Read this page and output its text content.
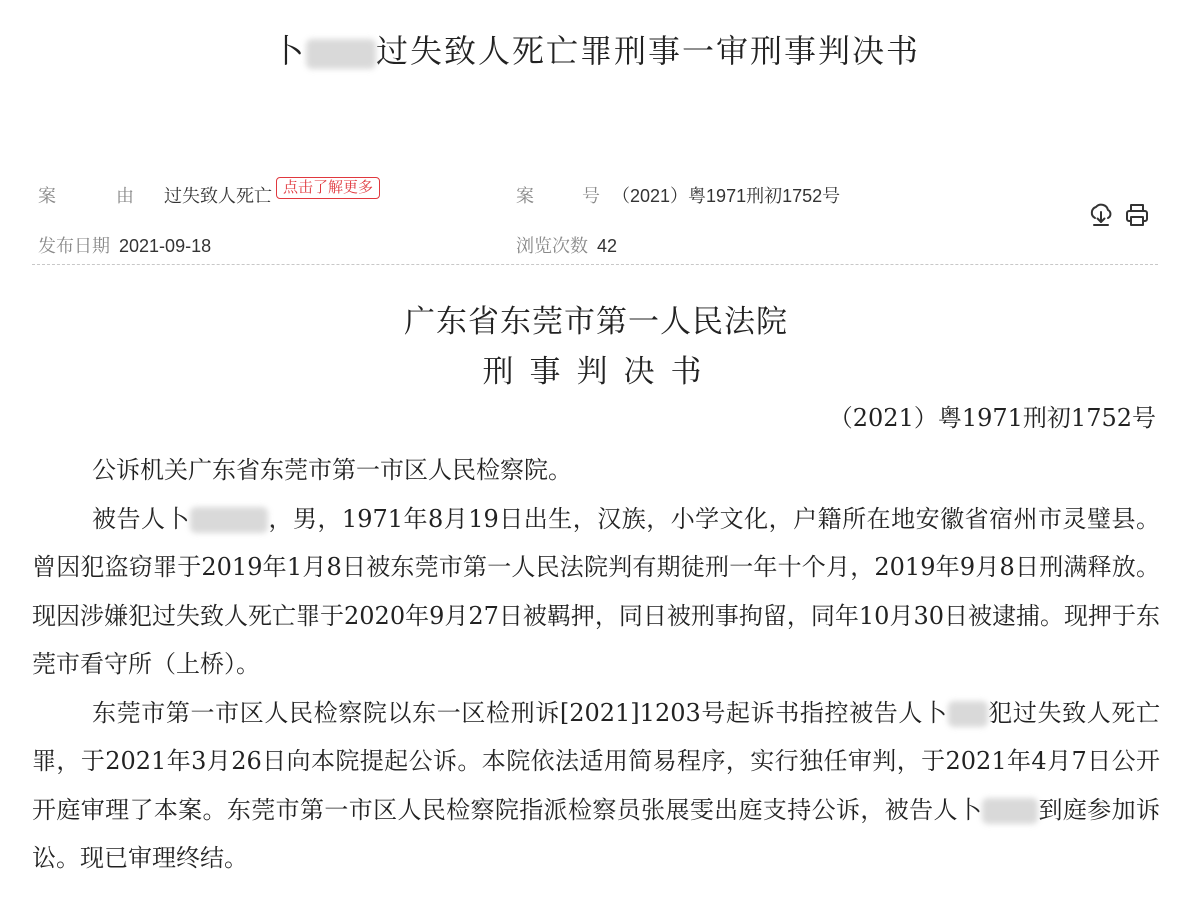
卜 过失致人死亡罪刑事一审刑事判决书
案由过失致人死亡 点击了解更多	案	号 （2021）粤1971刑初1752号
发布日期 2021-09-18	浏览次数 42
广东省东莞市第一人民法院
刑事判决书
（2021）粤1971刑初1752号

公诉机关广东省东莞市第一市区人民检察院。

被告人卜	，男，1971年8月19日出生，汉族，小学文化，户籍所在地安徽省宿州市灵璧县。曾因犯盗窃罪于2019年1月8日被东莞市第一人民法院判有期徒刑一年十个月，2019年9月8日刑满释放。现因涉嫌犯过失致人死亡罪于2020年9月27日被羁押，同日被刑事拘留，同年10月30日被逮捕。现押于东莞市看守所（上桥）。

东莞市第一市区人民检察院以东一区检刑诉[2021]1203号起诉书指控被告人卜 犯过失致人死亡罪，于2021年3月26日向本院提起公诉。本院依法适用简易程序，实行独任审判，于2021年4月7日公开开庭审理了本案。东莞市第一市区人民检察院指派检察员张展雯出庭支持公诉，被告人卜 到庭参加诉讼。现已审理终结。
